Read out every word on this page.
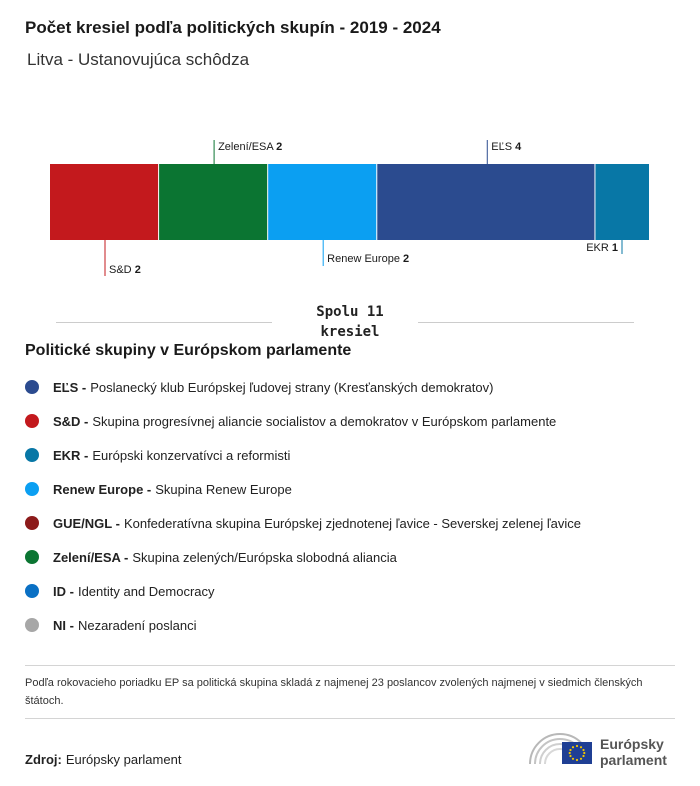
Počet kresiel podľa politických skupín - 2019 - 2024

Litva - Ustanovujúca schôdza

S&D 2
Zelení/ESA 2
Renew Europe 2
EĽS 4
EKR 1
Spolu 11
kresiel
Politické skupiny v Európskom parlamente
EĽS - Poslanecký klub Európskej ľudovej strany (Kresťanských demokratov)
S&D - Skupina progresívnej aliancie socialistov a demokratov v Európskom parlamente
EKR - Európski konzervatívci a reformisti
Renew Europe - Skupina Renew Europe
GUE/NGL - Konfederatívna skupina Európskej zjednotenej ľavice - Severskej zelenej ľavice
Zelení/ESA - Skupina zelených/Európska slobodná aliancia
ID - Identity and Democracy
NI - Nezaradení poslanci

Podľa rokovacieho poriadku EP sa politická skupina skladá z najmenej 23 poslancov zvolených najmenej v siedmich členských štátoch.

Zdroj: Európsky parlament
Európsky
parlament
